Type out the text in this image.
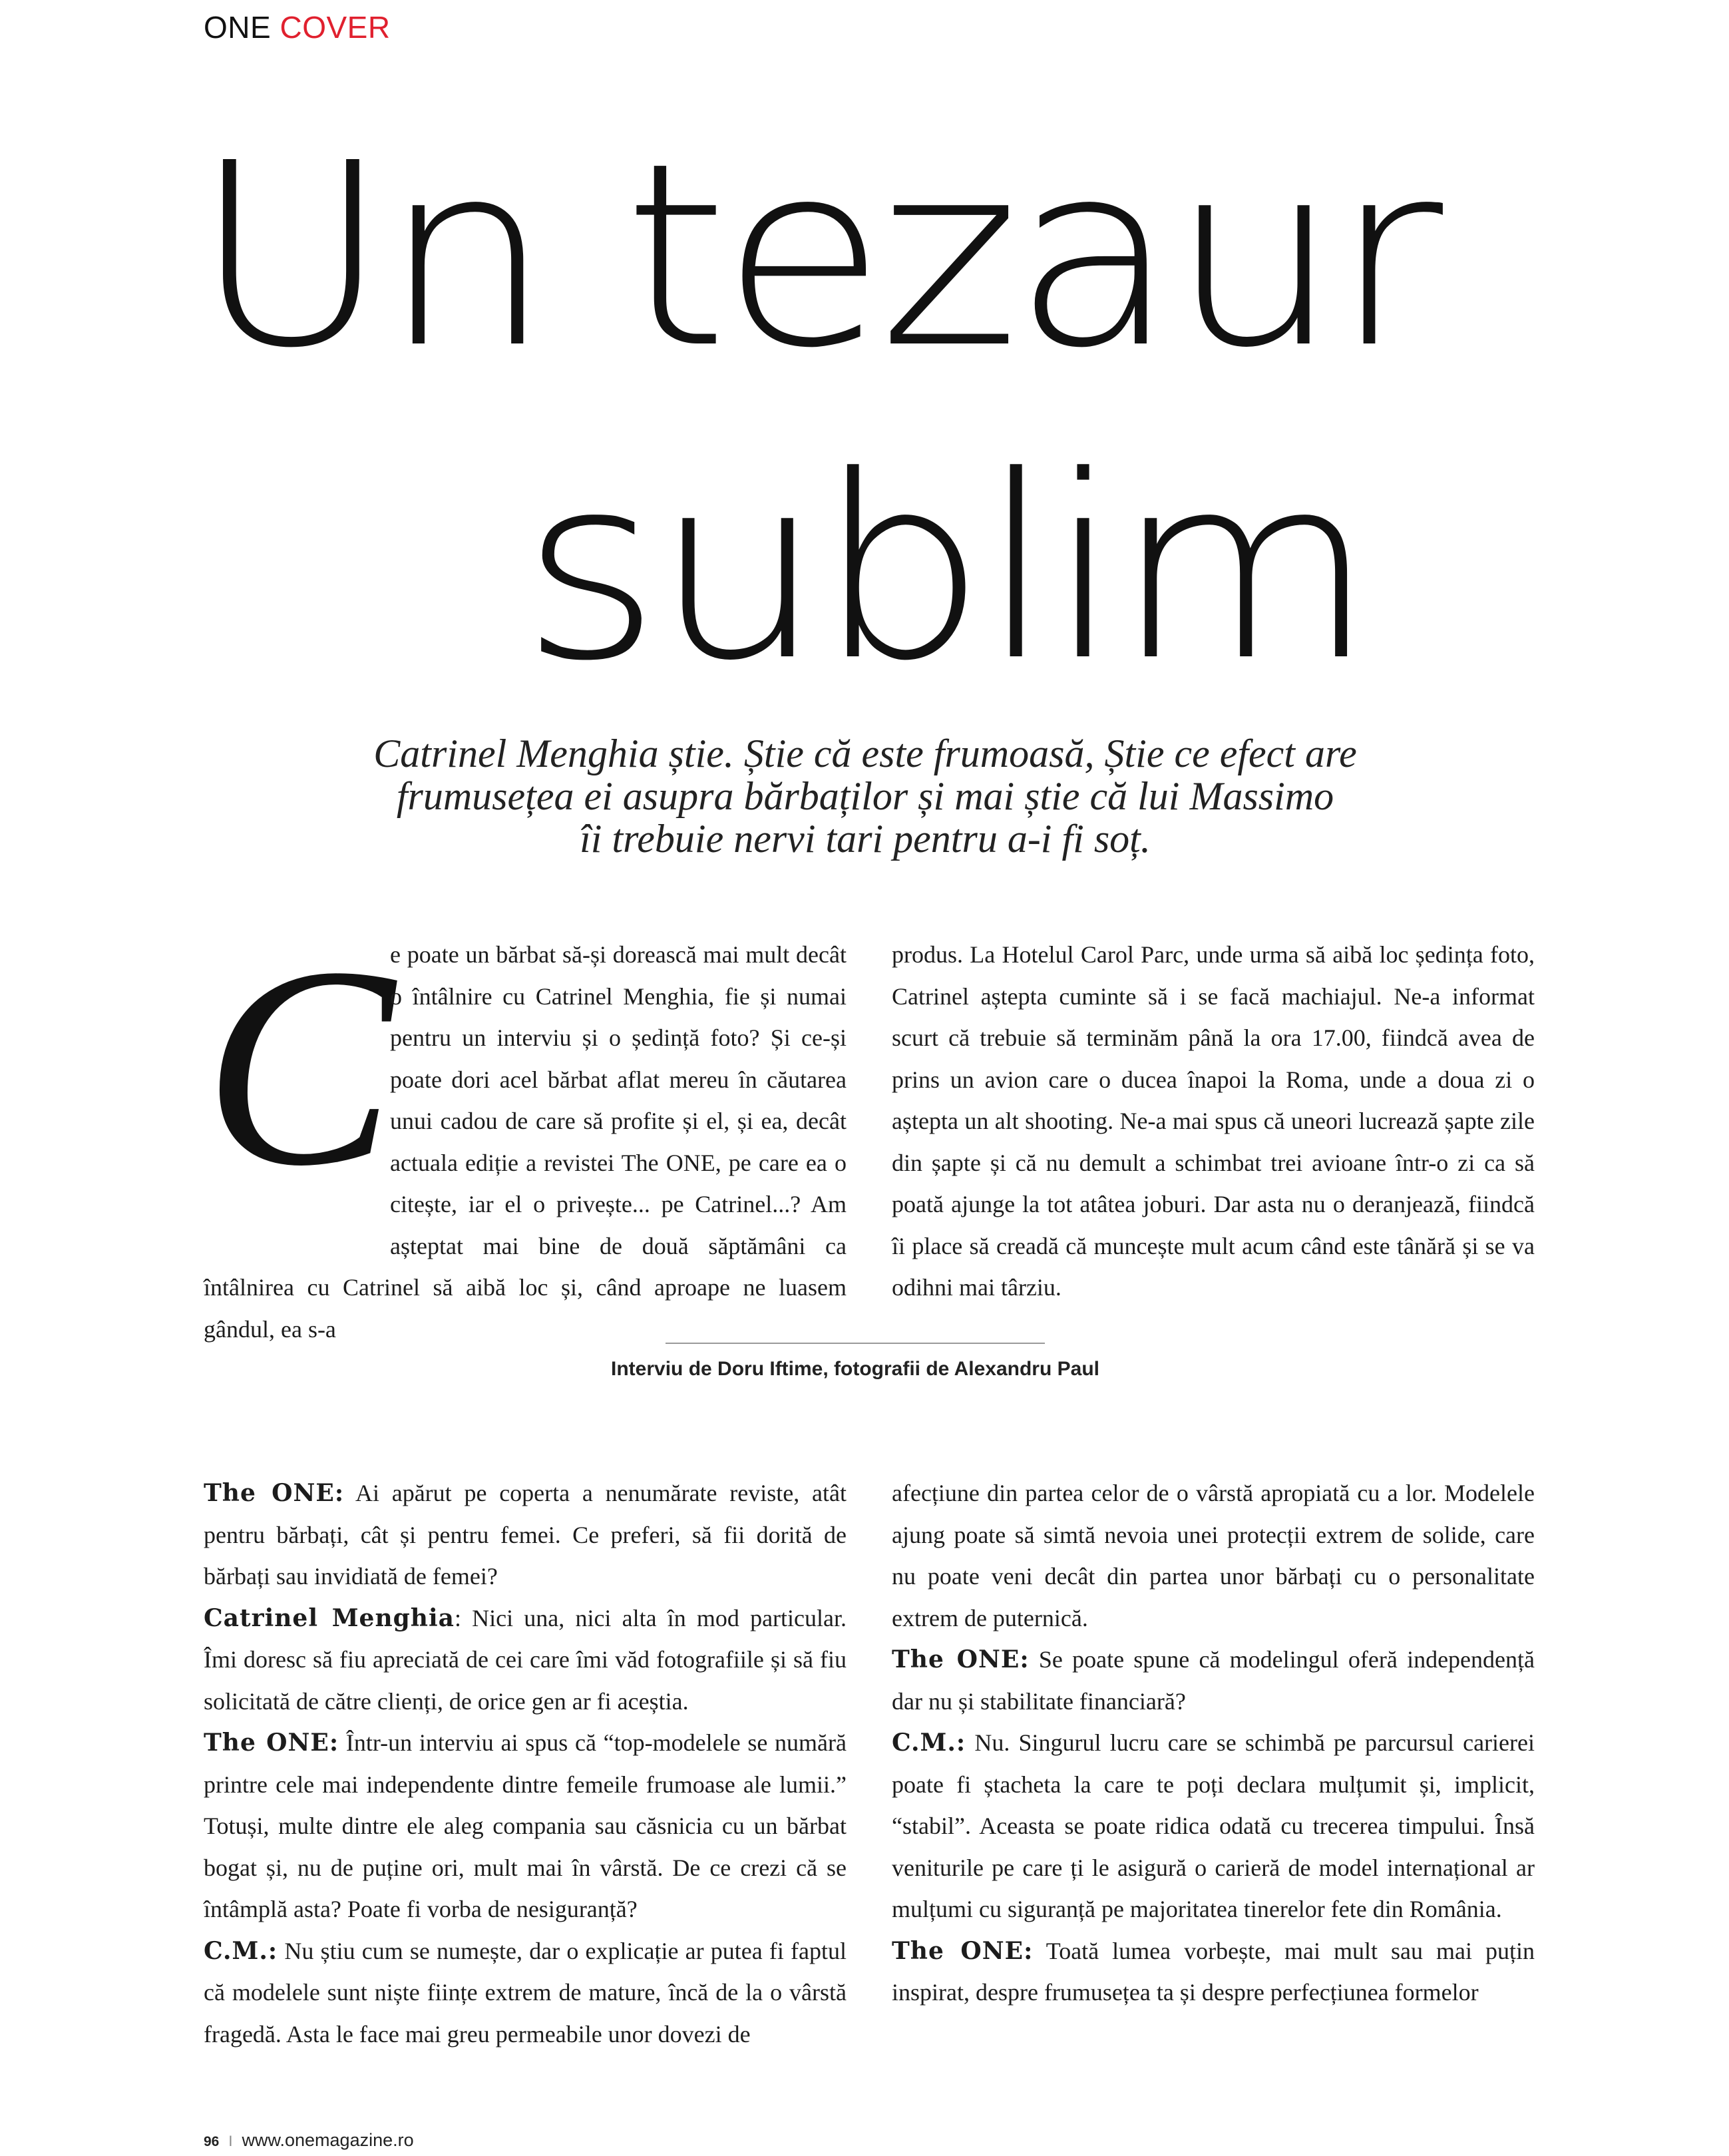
ONE COVER
Un tezaur
sublim
Catrinel Menghia știe. Știe că este frumoasă, Știe ce efect are
frumusețea ei asupra bărbaților și mai știe că lui Massimo
îi trebuie nervi tari pentru a-i fi soț.
C

e poate un bărbat să-și dorească mai mult decât o întâlnire cu Catrinel Menghia, fie și numai pentru un interviu și o ședință foto? Și ce-și poate dori acel bărbat aflat mereu în căutarea unui cadou de care să profite și el, și ea, decât actuala ediție a revistei The ONE, pe care ea o citește, iar el o privește... pe Catrinel...? Am așteptat mai bine de două săptămâni ca întâlnirea cu Catrinel să aibă loc și, când aproape ne luasem gândul, ea s-a

produs. La Hotelul Carol Parc, unde urma să aibă loc ședința foto, Catrinel aștepta cuminte să i se facă machiajul. Ne-a informat scurt că trebuie să terminăm până la ora 17.00, fiindcă avea de prins un avion care o ducea înapoi la Roma, unde a doua zi o aștepta un alt shooting. Ne-a mai spus că uneori lucrează șapte zile din șapte și că nu demult a schimbat trei avioane într-o zi ca să poată ajunge la tot atâtea joburi. Dar asta nu o deranjează, fiindcă îi place să creadă că muncește mult acum când este tânără și se va odihni mai târziu.

Interviu de Doru Iftime, fotografii de Alexandru Paul

The ONE: Ai apărut pe coperta a nenumărate reviste, atât pentru bărbați, cât și pentru femei. Ce preferi, să fii dorită de bărbați sau invidiată de femei?

Catrinel Menghia: Nici una, nici alta în mod particular. Îmi doresc să fiu apreciată de cei care îmi văd fotografiile și să fiu solicitată de către clienți, de orice gen ar fi aceștia.

The ONE: Într-un interviu ai spus că “top-modelele se numără printre cele mai independente dintre femeile frumoase ale lumii.” Totuși, multe dintre ele aleg compania sau căsnicia cu un bărbat bogat și, nu de puține ori, mult mai în vârstă. De ce crezi că se întâmplă asta? Poate fi vorba de nesiguranță?

C.M.: Nu știu cum se numește, dar o explicație ar putea fi faptul că modelele sunt niște ființe extrem de mature, încă de la o vârstă fragedă. Asta le face mai greu permeabile unor dovezi de

afecțiune din partea celor de o vârstă apropiată cu a lor. Modelele ajung poate să simtă nevoia unei protecții extrem de solide, care nu poate veni decât din partea unor bărbați cu o personalitate extrem de puternică.

The ONE: Se poate spune că modelingul oferă independență dar nu și stabilitate financiară?

C.M.: Nu. Singurul lucru care se schimbă pe parcursul carierei poate fi ștacheta la care te poți declara mulțumit și, implicit, “stabil”. Aceasta se poate ridica odată cu trecerea timpului. Însă veniturile pe care ți le asigură o carieră de model internațional ar mulțumi cu siguranță pe majoritatea tinerelor fete din România.

The ONE: Toată lumea vorbește, mai mult sau mai puțin inspirat, despre frumusețea ta și despre perfecțiunea formelor

96 I www.onemagazine.ro
